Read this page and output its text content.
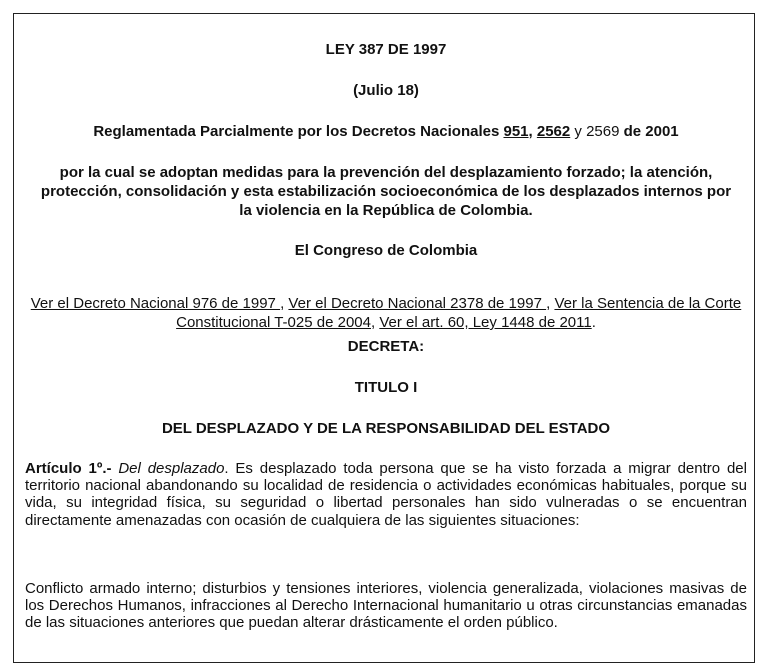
LEY 387 DE 1997

(Julio 18)

Reglamentada Parcialmente por los Decretos Nacionales 951, 2562 y 2569 de 2001

por la cual se adoptan medidas para la prevención del desplazamiento forzado; la atención, protección, consolidación y esta estabilización socioeconómica de los desplazados internos por la violencia en la República de Colombia.

El Congreso de Colombia

Ver el Decreto Nacional 976 de 1997 , Ver el Decreto Nacional 2378 de 1997 , Ver la Sentencia de la Corte Constitucional T-025 de 2004, Ver el art. 60, Ley 1448 de 2011.

DECRETA:

TITULO I

DEL DESPLAZADO Y DE LA RESPONSABILIDAD DEL ESTADO

Artículo 1º.- Del desplazado. Es desplazado toda persona que se ha visto forzada a migrar dentro del territorio nacional abandonando su localidad de residencia o actividades económicas habituales, porque su vida, su integridad física, su seguridad o libertad personales han sido vulneradas o se encuentran directamente amenazadas con ocasión de cualquiera de las siguientes situaciones:

Conflicto armado interno; disturbios y tensiones interiores, violencia generalizada, violaciones masivas de los Derechos Humanos, infracciones al Derecho Internacional humanitario u otras circunstancias emanadas de las situaciones anteriores que puedan alterar drásticamente el orden público.
